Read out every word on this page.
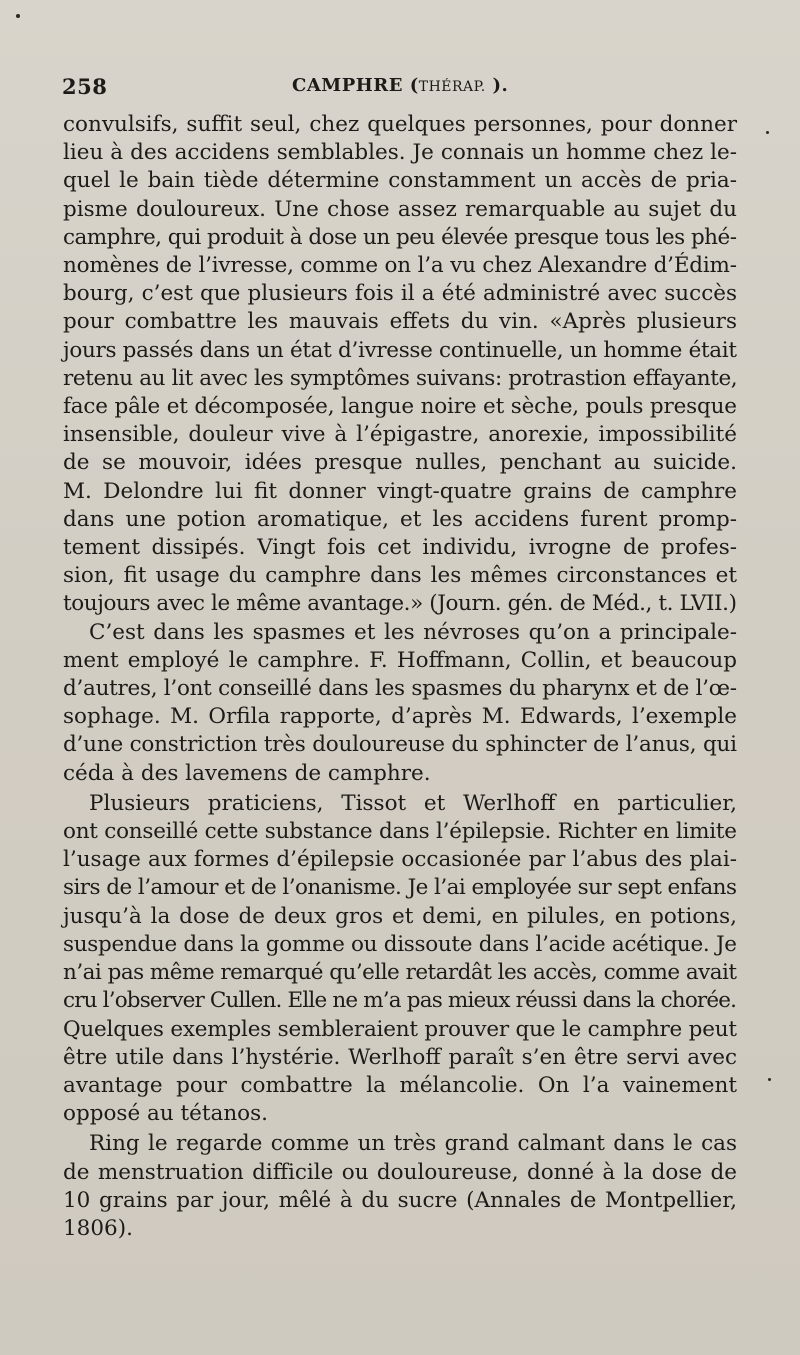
258	CAMPHRE (THÉRAP. ).
convulsifs, suffit seul, chez quelques personnes, pour donner
lieu à des accidens semblables. Je connais un homme chez le-
quel le bain tiède détermine constamment un accès de pria-
pisme douloureux. Une chose assez remarquable au sujet du
camphre, qui produit à dose un peu élevée presque tous les phé-
nomènes de l’ivresse, comme on l’a vu chez Alexandre d’Édim-
bourg, c’est que plusieurs fois il a été administré avec succès
pour combattre les mauvais effets du vin. «Après plusieurs
jours passés dans un état d’ivresse continuelle, un homme était
retenu au lit avec les symptômes suivans: protrastion effayante,
face pâle et décomposée, langue noire et sèche, pouls presque
insensible, douleur vive à l’épigastre, anorexie, impossibilité
de se mouvoir, idées presque nulles, penchant au suicide.
M. Delondre lui fit donner vingt-quatre grains de camphre
dans une potion aromatique, et les accidens furent promp-
tement dissipés. Vingt fois cet individu, ivrogne de profes-
sion, fit usage du camphre dans les mêmes circonstances et
toujours avec le même avantage.» (Journ. gén. de Méd., t. LVII.)
C’est dans les spasmes et les névroses qu’on a principale-
ment employé le camphre. F. Hoffmann, Collin, et beaucoup
d’autres, l’ont conseillé dans les spasmes du pharynx et de l’œ-
sophage. M. Orfila rapporte, d’après M. Edwards, l’exemple
d’une constriction très douloureuse du sphincter de l’anus, qui
céda à des lavemens de camphre.
Plusieurs praticiens, Tissot et Werlhoff en particulier,
ont conseillé cette substance dans l’épilepsie. Richter en limite
l’usage aux formes d’épilepsie occasionée par l’abus des plai-
sirs de l’amour et de l’onanisme. Je l’ai employée sur sept enfans
jusqu’à la dose de deux gros et demi, en pilules, en potions,
suspendue dans la gomme ou dissoute dans l’acide acétique. Je
n’ai pas même remarqué qu’elle retardât les accès, comme avait
cru l’observer Cullen. Elle ne m’a pas mieux réussi dans la chorée.
Quelques exemples sembleraient prouver que le camphre peut
être utile dans l’hystérie. Werlhoff paraît s’en être servi avec
avantage pour combattre la mélancolie. On l’a vainement
opposé au tétanos.
Ring le regarde comme un très grand calmant dans le cas
de menstruation difficile ou douloureuse, donné à la dose de
10 grains par jour, mêlé à du sucre (Annales de Montpellier,
1806).
